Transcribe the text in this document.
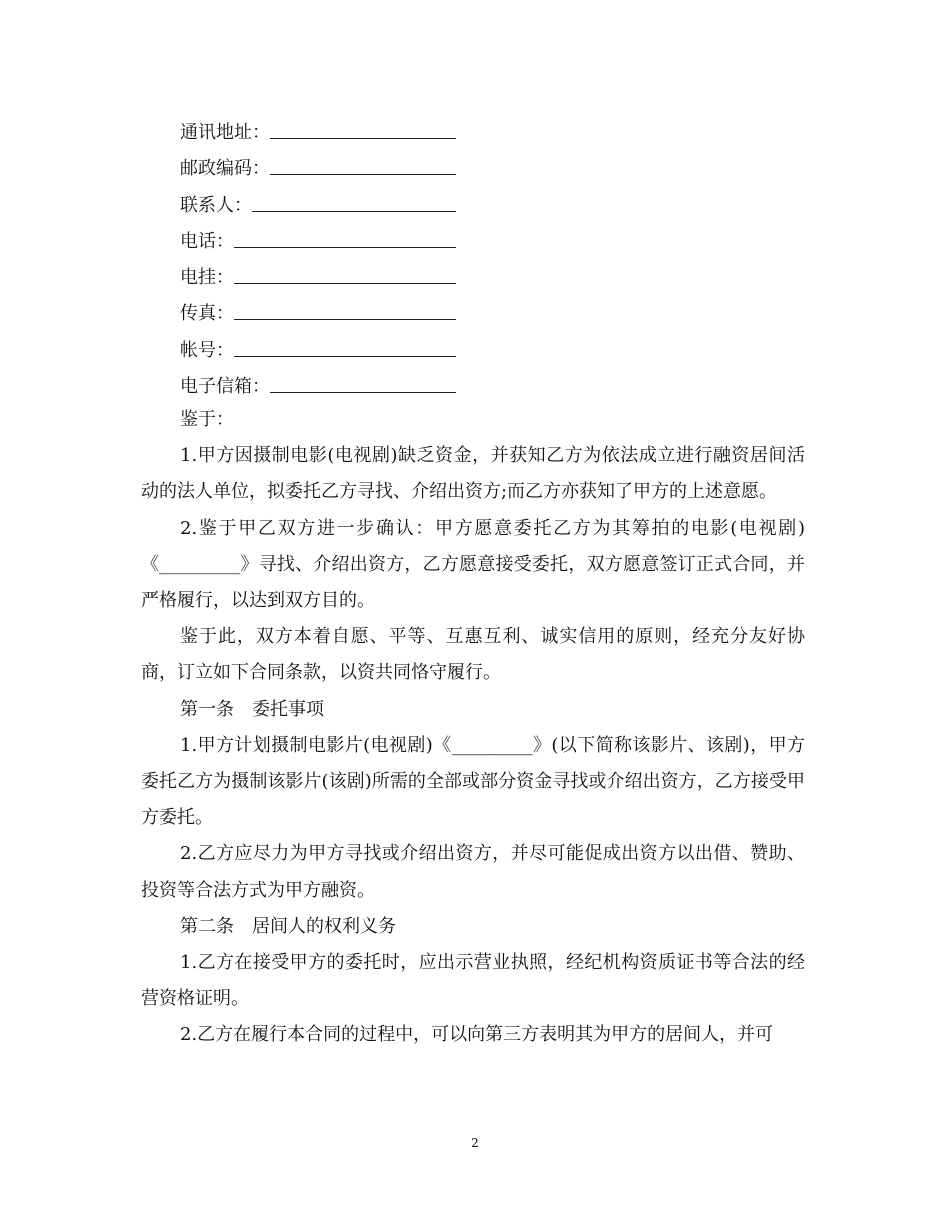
通讯地址：
邮政编码：
联系人：
电话：
电挂：
传真：
帐号：
电子信箱：

鉴于：

1.甲方因摄制电影(电视剧)缺乏资金，并获知乙方为依法成立进行融资居间活动的法人单位，拟委托乙方寻找、介绍出资方;而乙方亦获知了甲方的上述意愿。

2.鉴于甲乙双方进一步确认：甲方愿意委托乙方为其筹拍的电影(电视剧)《_________》寻找、介绍出资方，乙方愿意接受委托，双方愿意签订正式合同，并严格履行，以达到双方目的。

鉴于此，双方本着自愿、平等、互惠互利、诚实信用的原则，经充分友好协商，订立如下合同条款，以资共同恪守履行。

第一条　委托事项

1.甲方计划摄制电影片(电视剧)《_________》(以下简称该影片、该剧)，甲方委托乙方为摄制该影片(该剧)所需的全部或部分资金寻找或介绍出资方，乙方接受甲方委托。

2.乙方应尽力为甲方寻找或介绍出资方，并尽可能促成出资方以出借、赞助、投资等合法方式为甲方融资。

第二条　居间人的权利义务

1.乙方在接受甲方的委托时，应出示营业执照，经纪机构资质证书等合法的经营资格证明。

2.乙方在履行本合同的过程中，可以向第三方表明其为甲方的居间人，并可

2
